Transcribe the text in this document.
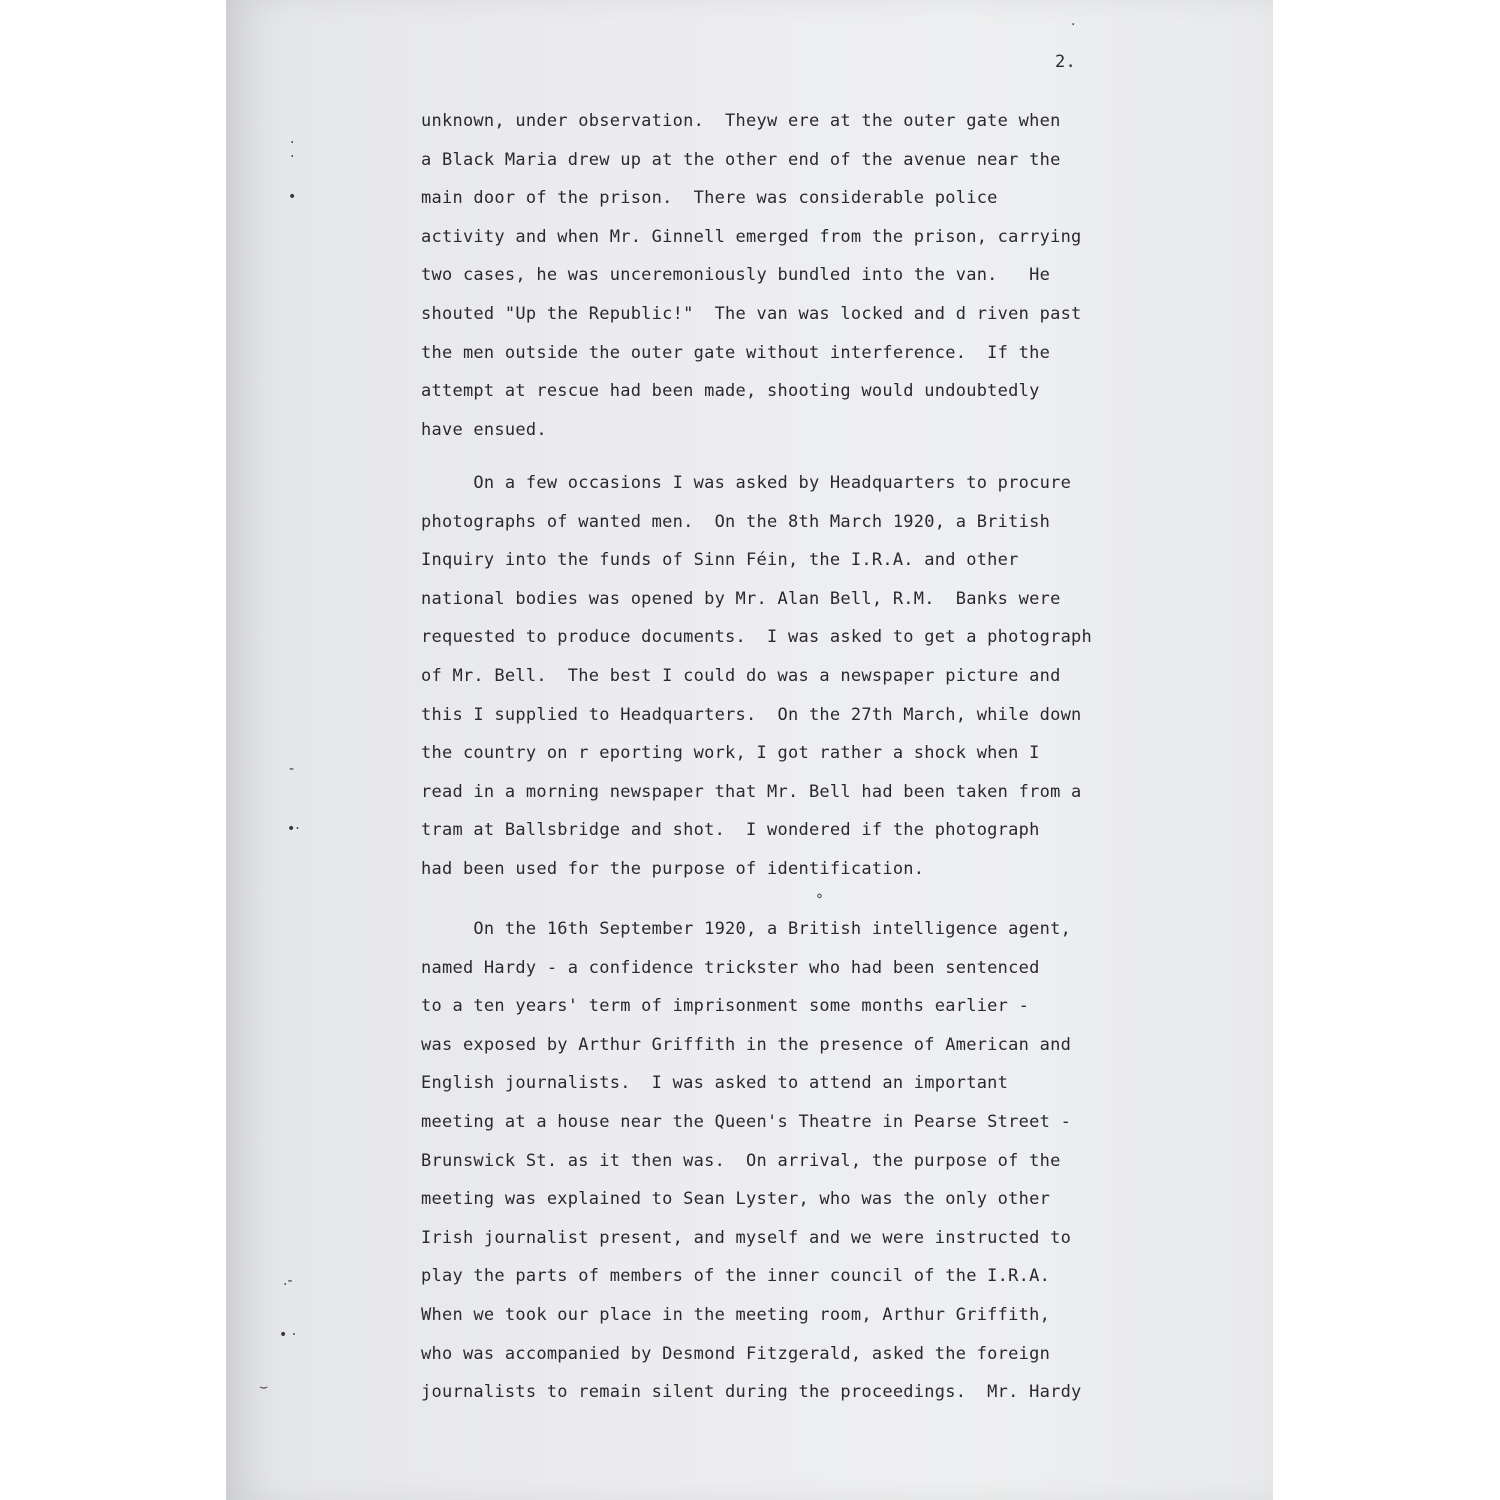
.
.
•
‐
•·
.‐
• ·
⌣
·
°
2.
unknown, under observation.  Theyw ere at the outer gate when
a Black Maria drew up at the other end of the avenue near the
main door of the prison.  There was considerable police
activity and when Mr. Ginnell emerged from the prison, carrying
two cases, he was unceremoniously bundled into the van.   He
shouted "Up the Republic!"  The van was locked and d riven past
the men outside the outer gate without interference.  If the
attempt at rescue had been made, shooting would undoubtedly
have ensued.
On a few occasions I was asked by Headquarters to procure
photographs of wanted men.  On the 8th March 1920, a British
Inquiry into the funds of Sinn Féin, the I.R.A. and other
national bodies was opened by Mr. Alan Bell, R.M.  Banks were
requested to produce documents.  I was asked to get a photograph
of Mr. Bell.  The best I could do was a newspaper picture and
this I supplied to Headquarters.  On the 27th March, while down
the country on r eporting work, I got rather a shock when I
read in a morning newspaper that Mr. Bell had been taken from a
tram at Ballsbridge and shot.  I wondered if the photograph
had been used for the purpose of identification.
On the 16th September 1920, a British intelligence agent,
named Hardy - a confidence trickster who had been sentenced
to a ten years' term of imprisonment some months earlier -
was exposed by Arthur Griffith in the presence of American and
English journalists.  I was asked to attend an important
meeting at a house near the Queen's Theatre in Pearse Street -
Brunswick St. as it then was.  On arrival, the purpose of the
meeting was explained to Sean Lyster, who was the only other
Irish journalist present, and myself and we were instructed to
play the parts of members of the inner council of the I.R.A.
When we took our place in the meeting room, Arthur Griffith,
who was accompanied by Desmond Fitzgerald, asked the foreign
journalists to remain silent during the proceedings.  Mr. Hardy
